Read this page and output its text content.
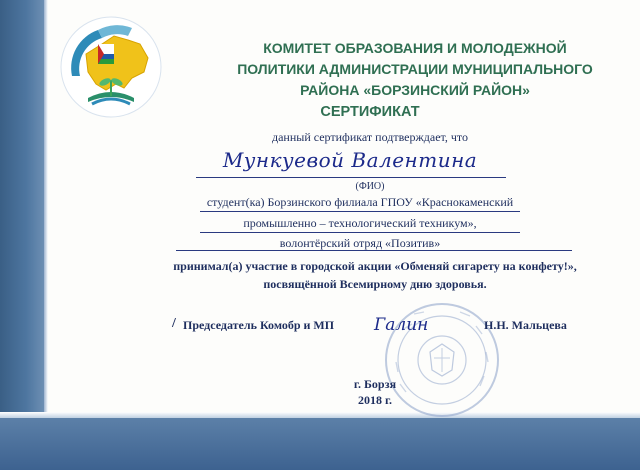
КОМИТЕТ ОБРАЗОВАНИЯ И МОЛОДЕЖНОЙ
ПОЛИТИКИ АДМИНИСТРАЦИИ МУНИЦИПАЛЬНОГО
РАЙОНА «БОРЗИНСКИЙ РАЙОН»
СЕРТИФИКАТ
данный сертификат подтверждает, что
Мункуевой Валентина
(ФИО)
студент(ка) Борзинского филиала ГПОУ «Краснокаменский
промышленно – технологический техникум»,
волонтёрский отряд «Позитив»
принимал(а) участие в городской акции «Обменяй сигарету на конфету!»,
посвящённой Всемирному дню здоровья.
/ Председатель Комобр и МП Галин	Н.Н. Мальцева
г. Борзя
2018 г.
